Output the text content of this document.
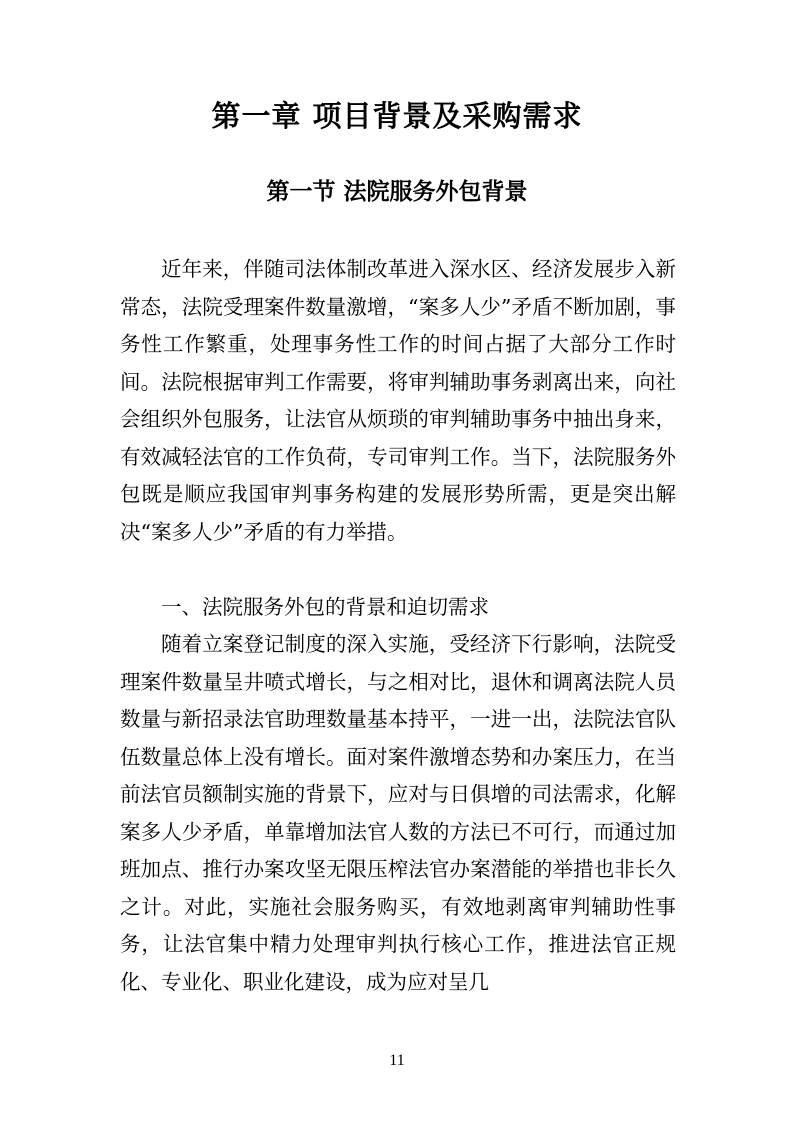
第一章 项目背景及采购需求
第一节 法院服务外包背景

近年来，伴随司法体制改革进入深水区、经济发展步入新常态，法院受理案件数量激增，“案多人少”矛盾不断加剧，事务性工作繁重，处理事务性工作的时间占据了大部分工作时间。法院根据审判工作需要，将审判辅助事务剥离出来，向社会组织外包服务，让法官从烦琐的审判辅助事务中抽出身来，有效减轻法官的工作负荷，专司审判工作。当下，法院服务外包既是顺应我国审判事务构建的发展形势所需，更是突出解决“案多人少”矛盾的有力举措。

一、法院服务外包的背景和迫切需求

随着立案登记制度的深入实施，受经济下行影响，法院受理案件数量呈井喷式增长，与之相对比，退休和调离法院人员数量与新招录法官助理数量基本持平，一进一出，法院法官队伍数量总体上没有增长。面对案件激增态势和办案压力，在当前法官员额制实施的背景下，应对与日俱增的司法需求，化解案多人少矛盾，单靠增加法官人数的方法已不可行，而通过加班加点、推行办案攻坚无限压榨法官办案潜能的举措也非长久之计。对此，实施社会服务购买，有效地剥离审判辅助性事务，让法官集中精力处理审判执行核心工作，推进法官正规化、专业化、职业化建设，成为应对呈几

11
